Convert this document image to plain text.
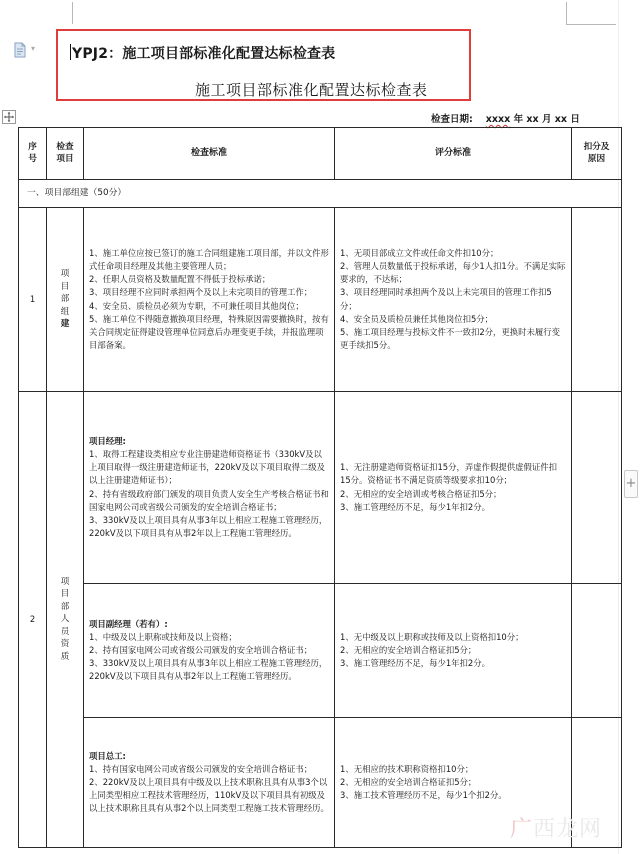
▾
+
YPJ2：施工项目部标准化配置达标检查表
施工项目部标准化配置达标检查表
检查日期: xxxx 年 xx 月 xx 日
序号	检查项目	检查标准	评分标准	扣分及原因
一、项目部组建（50分）				
1	项目部组建	1、施工单位应按已签订的施工合同组建施工项目部，并以文件形式任命项目经理及其他主要管理人员；
2、任职人员资格及数量配置不得低于投标承诺；
3、项目经理不应同时承担两个及以上未完项目的管理工作；
4、安全员、质检员必须为专职，不可兼任项目其他岗位；
5、施工单位不得随意撤换项目经理，特殊原因需要撤换时，按有关合同规定征得建设管理单位同意后办理变更手续，并报监理项目部备案。	1、无项目部成立文件或任命文件扣10分；
2、管理人员数量低于投标承诺，每少1人扣1分。不满足实际要求的，不达标；
3、项目经理同时承担两个及以上未完项目的管理工作扣5分；
4、安全员及质检员兼任其他岗位扣5分；
5、施工项目经理与投标文件不一致扣2分，更换时未履行变更手续扣5分。	

2	项目部人员资质	项目经理:
1、取得工程建设类相应专业注册建造师资格证书（330kV及以上项目取得一级注册建造师证书，220kV及以下项目取得二级及以上注册建造师证书）；
2、持有省级政府部门颁发的项目负责人安全生产考核合格证书和国家电网公司或省级公司颁发的安全培训合格证书；
3、330kV及以上项目具有从事3年以上相应工程施工管理经历，220kV及以下项目具有从事2年以上工程施工管理经历。	1、无注册建造师资格证扣15分，弄虚作假提供虚假证件扣15分。资格证书不满足资质等级要求扣10分；
2、无相应的安全培训或考核合格证扣5分；
3、施工管理经历不足，每少1年扣2分。	

		项目副经理（若有）:
1、中级及以上职称或技师及以上资格；
2、持有国家电网公司或省级公司颁发的安全培训合格证书；
3、330kV及以上项目具有从事3年以上相应工程施工管理经历，220kV及以下项目具有从事2年以上工程施工管理经历。	1、无中级及以上职称或技师及以上资格扣10分；
2、无相应的安全培训合格证扣5分；
3、施工管理经历不足，每少1年扣2分。	

		项目总工:
1、持有国家电网公司或省级公司颁发的安全培训合格证书；
2、220kV及以上项目具有中级及以上技术职称且具有从事3个以上同类型相应工程技术管理经历，110kV及以下项目具有初级及以上技术职称且具有从事2个以上同类型工程施工技术管理经历。	1、无相应的技术职称资格扣10分；
2、无相应的安全培训合格证扣5分；
3、施工技术管理经历不足，每少1个扣2分。	

广西龙网
